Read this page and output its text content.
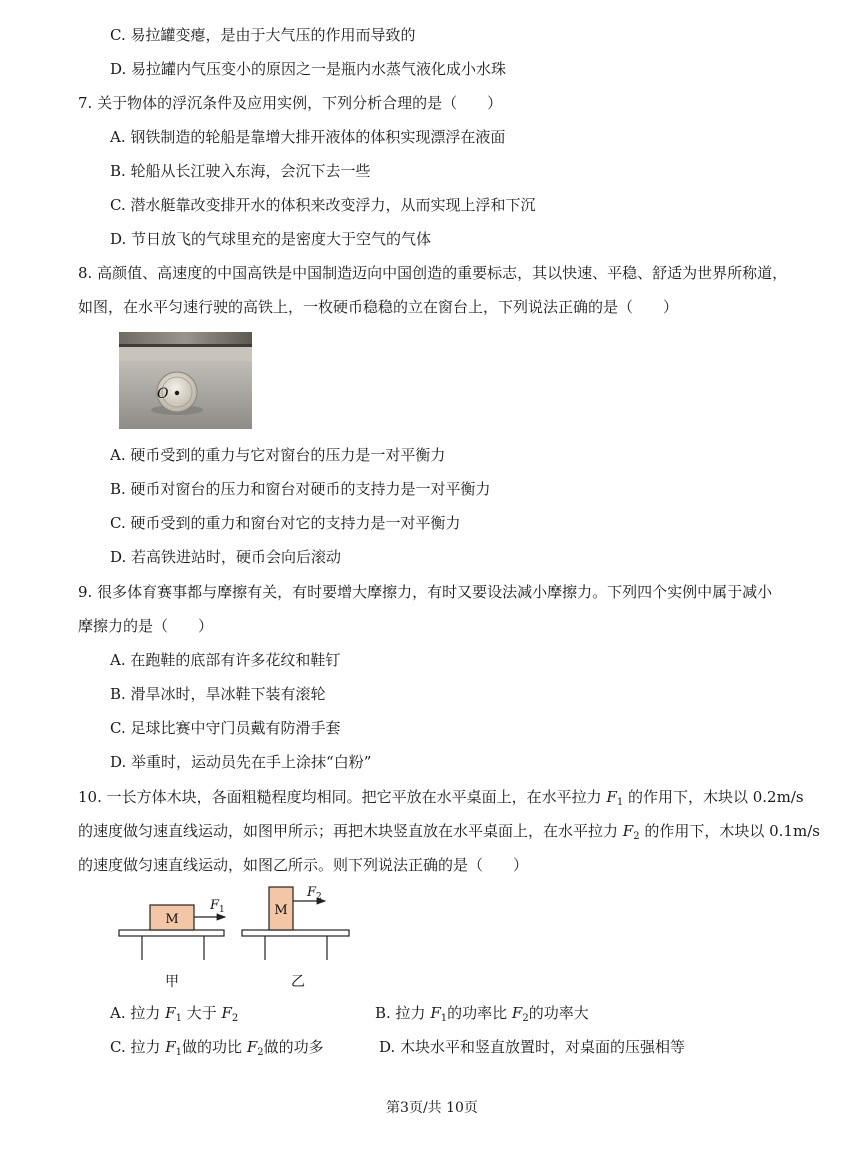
C. 易拉罐变瘪，是由于大气压的作用而导致的
D. 易拉罐内气压变小的原因之一是瓶内水蒸气液化成小水珠
7. 关于物体的浮沉条件及应用实例，下列分析合理的是（　　）
A. 钢铁制造的轮船是靠增大排开液体的体积实现漂浮在液面
B. 轮船从长江驶入东海，会沉下去一些
C. 潜水艇靠改变排开水的体积来改变浮力，从而实现上浮和下沉
D. 节日放飞的气球里充的是密度大于空气的气体
8. 高颜值、高速度的中国高铁是中国制造迈向中国创造的重要标志，其以快速、平稳、舒适为世界所称道，
如图，在水平匀速行驶的高铁上，一枚硬币稳稳的立在窗台上，下列说法正确的是（　　）
O
A. 硬币受到的重力与它对窗台的压力是一对平衡力
B. 硬币对窗台的压力和窗台对硬币的支持力是一对平衡力
C. 硬币受到的重力和窗台对它的支持力是一对平衡力
D. 若高铁进站时，硬币会向后滚动
9. 很多体育赛事都与摩擦有关，有时要增大摩擦力，有时又要设法减小摩擦力。下列四个实例中属于减小
摩擦力的是（　　）
A. 在跑鞋的底部有许多花纹和鞋钉
B. 滑旱冰时，旱冰鞋下装有滚轮
C. 足球比赛中守门员戴有防滑手套
D. 举重时，运动员先在手上涂抹“白粉”
10. 一长方体木块，各面粗糙程度均相同。把它平放在水平桌面上，在水平拉力 $F_1$ 的作用下，木块以 0.2m/s
的速度做匀速直线运动，如图甲所示；再把木块竖直放在水平桌面上，在水平拉力 $F_2$ 的作用下，木块以 0.1m/s
的速度做匀速直线运动，如图乙所示。则下列说法正确的是（　　）
M
$F_1$
甲
M
$F_2$
乙
A. 拉力 $F_1$ 大于 $F_2$	B. 拉力 $F_1$的功率比 $F_2$的功率大
C. 拉力 $F_1$做的功比 $F_2$做的功多	D. 木块水平和竖直放置时，对桌面的压强相等
第3页/共 10页
